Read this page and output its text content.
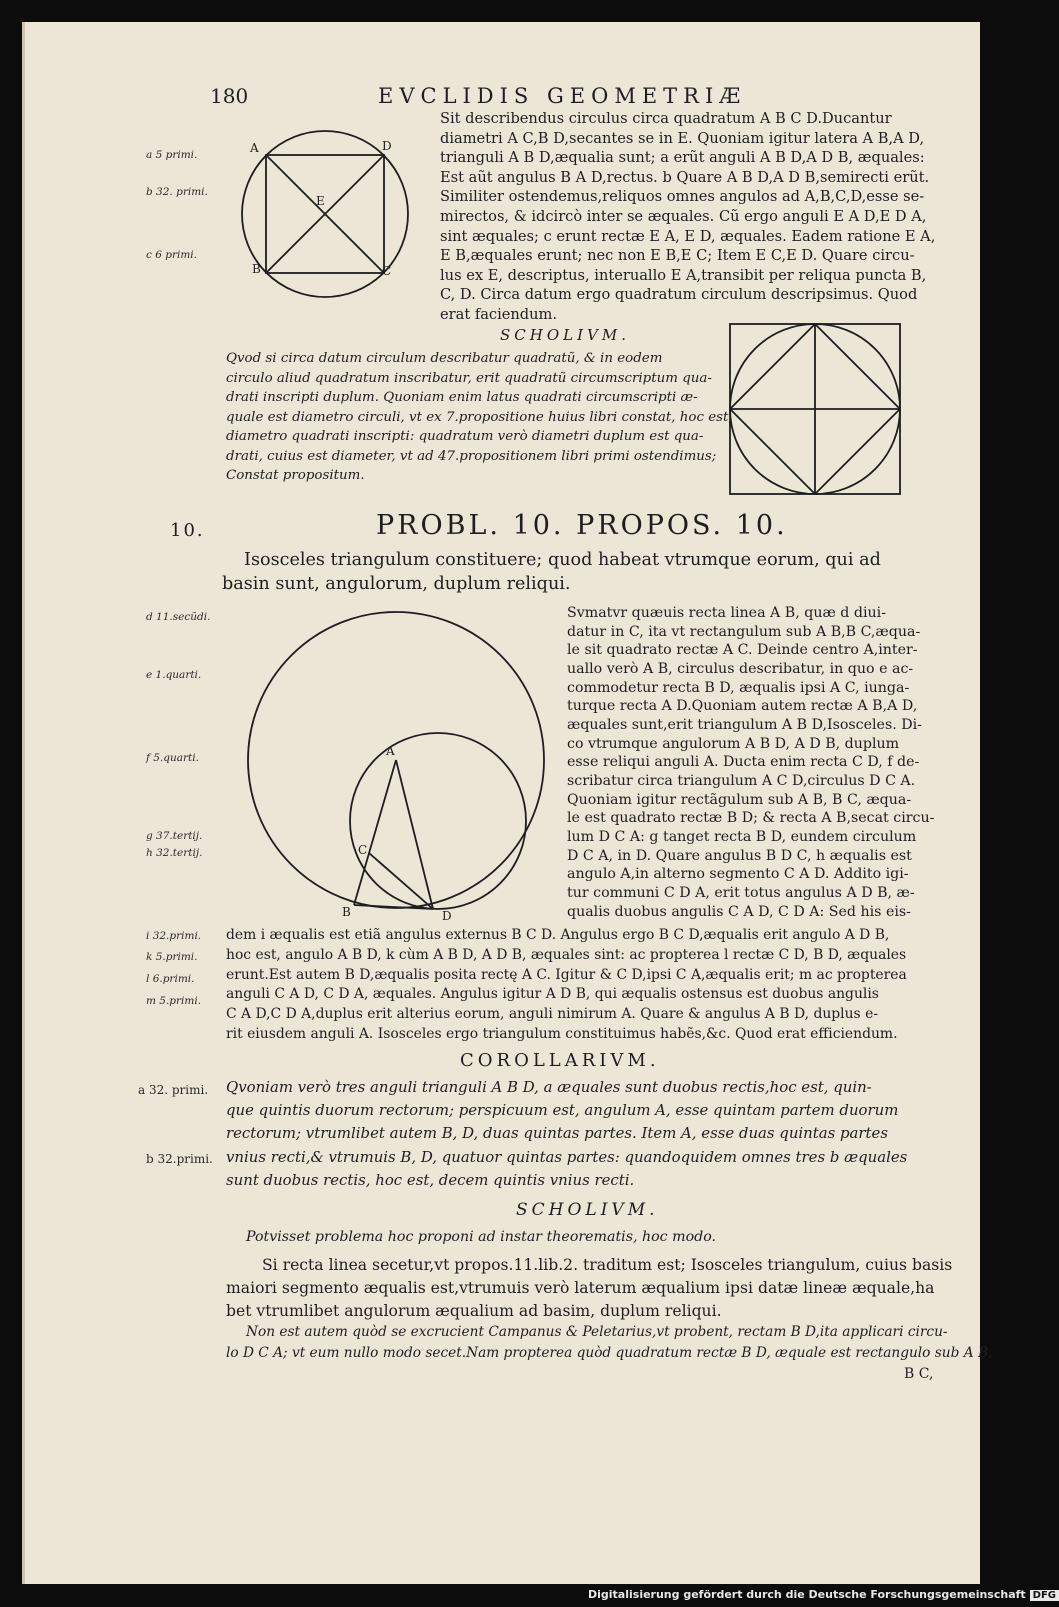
180	EVCLIDIS GEOMETRIÆ
a 5 primi.
b 32. primi.
c 6 primi.
A	D
E
B	C
Sit describendus circulus circa quadratum A B C D.Ducantur
diametri A C,B D,secantes se in E. Quoniam igitur latera A B,A D,
trianguli A B D,æqualia sunt; a erũt anguli A B D,A D B, æquales:
Est aũt angulus B A D,rectus. b Quare A B D,A D B,semirecti erũt.
Similiter ostendemus,reliquos omnes angulos ad A,B,C,D,esse se-
mirectos, & idcircò inter se æquales. Cũ ergo anguli E A D,E D A,
sint æquales; c erunt rectæ E A, E D, æquales. Eadem ratione E A,
E B,æquales erunt; nec non E B,E C; Item E C,E D. Quare circu-
lus ex E, descriptus, interuallo E A,transibit per reliqua puncta B,
C, D. Circa datum ergo quadratum circulum descripsimus. Quod
erat faciendum.
SCHOLIVM.
Qvod si circa datum circulum describatur quadratũ, & in eodem
circulo aliud quadratum inscribatur, erit quadratũ circumscriptum qua-
drati inscripti duplum. Quoniam enim latus quadrati circumscripti æ-
quale est diametro circuli, vt ex 7.propositione huius libri constat, hoc est,
diametro quadrati inscripti: quadratum verò diametri duplum est qua-
drati, cuius est diameter, vt ad 47.propositionem libri primi ostendimus;
Constat propositum.
10.	PROBL. 10. PROPOS. 10.
Isosceles triangulum constituere; quod habeat vtrumque eorum, qui ad
basin sunt, angulorum, duplum reliqui.
d 11.secũdi.
e 1.quarti.
f 5.quarti.
g 37.tertij.
h 32.tertij.
A
C
B	D
Svmatvr quæuis recta linea A B, quæ d diui-
datur in C, ita vt rectangulum sub A B,B C,æqua-
le sit quadrato rectæ A C. Deinde centro A,inter-
uallo verò A B, circulus describatur, in quo e ac-
commodetur recta B D, æqualis ipsi A C, iunga-
turque recta A D.Quoniam autem rectæ A B,A D,
æquales sunt,erit triangulum A B D,Isosceles. Di-
co vtrumque angulorum A B D, A D B, duplum
esse reliqui anguli A. Ducta enim recta C D, f de-
scribatur circa triangulum A C D,circulus D C A.
Quoniam igitur rectãgulum sub A B, B C, æqua-
le est quadrato rectæ B D; & recta A B,secat circu-
lum D C A: g tanget recta B D, eundem circulum
D C A, in D. Quare angulus B D C, h æqualis est
angulo A,in alterno segmento C A D. Addito igi-
tur communi C D A, erit totus angulus A D B, æ-
qualis duobus angulis C A D, C D A: Sed his eis-
i 32.primi.
k 5.primi.
l 6.primi.
m 5.primi.
dem i æqualis est etiã angulus externus B C D. Angulus ergo B C D,æqualis erit angulo A D B,
hoc est, angulo A B D, k cùm A B D, A D B, æquales sint: ac propterea l rectæ C D, B D, æquales
erunt.Est autem B D,æqualis posita rectę A C. Igitur & C D,ipsi C A,æqualis erit; m ac propterea
anguli C A D, C D A, æquales. Angulus igitur A D B, qui æqualis ostensus est duobus angulis
C A D,C D A,duplus erit alterius eorum, anguli nimirum A. Quare & angulus A B D, duplus e-
rit eiusdem anguli A. Isosceles ergo triangulum constituimus habẽs,&c. Quod erat efficiendum.
COROLLARIVM.
a 32. primi.
b 32.primi.
Qvoniam verò tres anguli trianguli A B D, a æquales sunt duobus rectis,hoc est, quin-
que quintis duorum rectorum; perspicuum est, angulum A, esse quintam partem duorum
rectorum; vtrumlibet autem B, D, duas quintas partes. Item A, esse duas quintas partes
vnius recti,& vtrumuis B, D, quatuor quintas partes: quandoquidem omnes tres b æquales
sunt duobus rectis, hoc est, decem quintis vnius recti.
SCHOLIVM.
Potvisset problema hoc proponi ad instar theorematis, hoc modo.
Si recta linea secetur,vt propos.11.lib.2. traditum est; Isosceles triangulum, cuius basis
maiori segmento æqualis est,vtrumuis verò laterum æqualium ipsi datæ lineæ æquale,ha
bet vtrumlibet angulorum æqualium ad basim, duplum reliqui.
Non est autem quòd se excrucient Campanus & Peletarius,vt probent, rectam B D,ita applicari circu-
lo D C A; vt eum nullo modo secet.Nam propterea quòd quadratum rectæ B D, æquale est rectangulo sub A B,
B C,
Digitalisierung gefördert durch die Deutsche Forschungsgemeinschaft DFG
